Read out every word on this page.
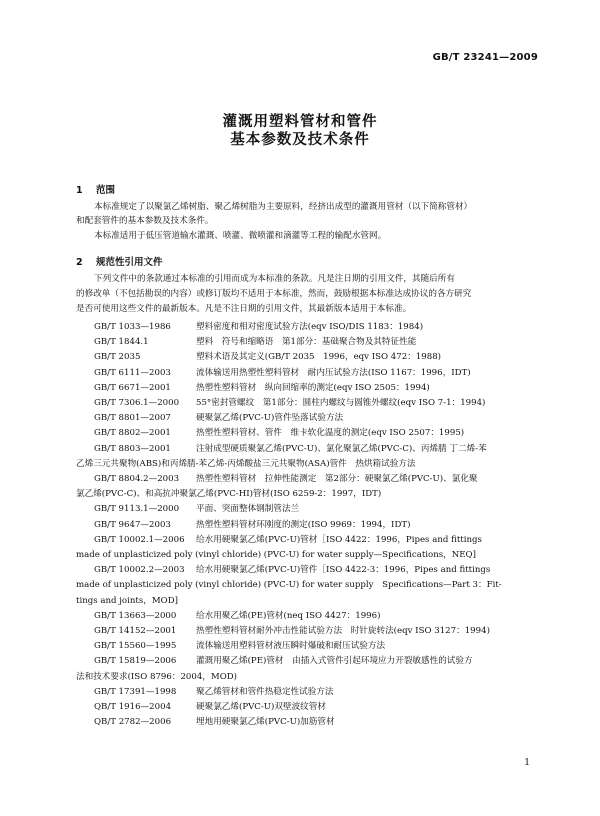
GB/T 23241—2009
灌溉用塑料管材和管件
基本参数及技术条件
1 范围
本标准规定了以聚氯乙烯树脂、聚乙烯树脂为主要原料，经挤出成型的灌溉用管材（以下简称管材）
和配套管件的基本参数及技术条件。
本标准适用于低压管道输水灌溉、喷灌、微喷灌和滴灌等工程的输配水管网。
2 规范性引用文件
下列文件中的条款通过本标准的引用而成为本标准的条款。凡是注日期的引用文件，其随后所有
的修改单（不包括勘误的内容）或修订版均不适用于本标准，然而，鼓励根据本标准达成协议的各方研究
是否可使用这些文件的最新版本。凡是不注日期的引用文件，其最新版本适用于本标准。
GB/T 1033—1986	塑料密度和相对密度试验方法(eqv ISO/DIS 1183：1984)
GB/T 1844.1	塑料　符号和缩略语　第1部分：基础聚合物及其特征性能
GB/T 2035	塑料术语及其定义(GB/T 2035　1996，eqv ISO 472：1988)
GB/T 6111—2003	流体输送用热塑性塑料管材　耐内压试验方法(ISO 1167：1996，IDT)
GB/T 6671—2001	热塑性塑料管材　纵向回缩率的测定(eqv ISO 2505：1994)
GB/T 7306.1—2000 55°密封管螺纹　第1部分：圆柱内螺纹与圆锥外螺纹(eqv ISO 7-1：1994)
GB/T 8801—2007	硬聚氯乙烯(PVC-U)管件坠落试验方法
GB/T 8802—2001	热塑性塑料管材、管件　维卡软化温度的测定(eqv ISO 2507：1995)
GB/T 8803—2001	注射成型硬质聚氯乙烯(PVC-U)、氯化聚氯乙烯(PVC-C)、丙烯腈 丁二烯-苯
乙烯三元共聚物(ABS)和丙烯腈-苯乙烯-丙烯酸盐三元共聚物(ASA)管件　热烘箱试验方法
GB/T 8804.2—2003 热塑性塑料管材　拉伸性能测定　第2部分：硬聚氯乙烯(PVC-U)、氯化聚
氯乙烯(PVC-C)、和高抗冲聚氯乙烯(PVC-HI)管材(ISO 6259-2：1997，IDT)
GB/T 9113.1—2000 平面、突面整体钢制管法兰
GB/T 9647—2003	热塑性塑料管材环刚度的测定(ISO 9969：1994，IDT)
GB/T 10002.1—2006 给水用硬聚氯乙烯(PVC-U)管材［ISO 4422：1996，Pipes and fittings
made of unplasticized poly (vinyl chloride) (PVC-U) for water supply—Specifications，NEQ]
GB/T 10002.2—2003 给水用硬聚氯乙烯(PVC-U)管件［ISO 4422-3：1996，Pipes and fittings
made of unplasticized poly (vinyl chloride) (PVC-U) for water supply　Specifications—Part 3：Fit-
tings and joints，MOD]
GB/T 13663—2000 给水用聚乙烯(PE)管材(neq ISO 4427：1996)
GB/T 14152—2001 热塑性塑料管材耐外冲击性能试验方法　时针旋转法(eqv ISO 3127：1994)
GB/T 15560—1995 流体输送用塑料管材液压瞬时爆破和耐压试验方法
GB/T 15819—2006 灌溉用聚乙烯(PE)管材　由插入式管件引起环境应力开裂敏感性的试验方
法和技术要求(ISO 8796：2004，MOD)
GB/T 17391—1998 聚乙烯管材和管件热稳定性试验方法
QB/T 1916—2004	硬聚氯乙烯(PVC-U)双壁波纹管材
QB/T 2782—2006	埋地用硬聚氯乙烯(PVC-U)加筋管材
1
